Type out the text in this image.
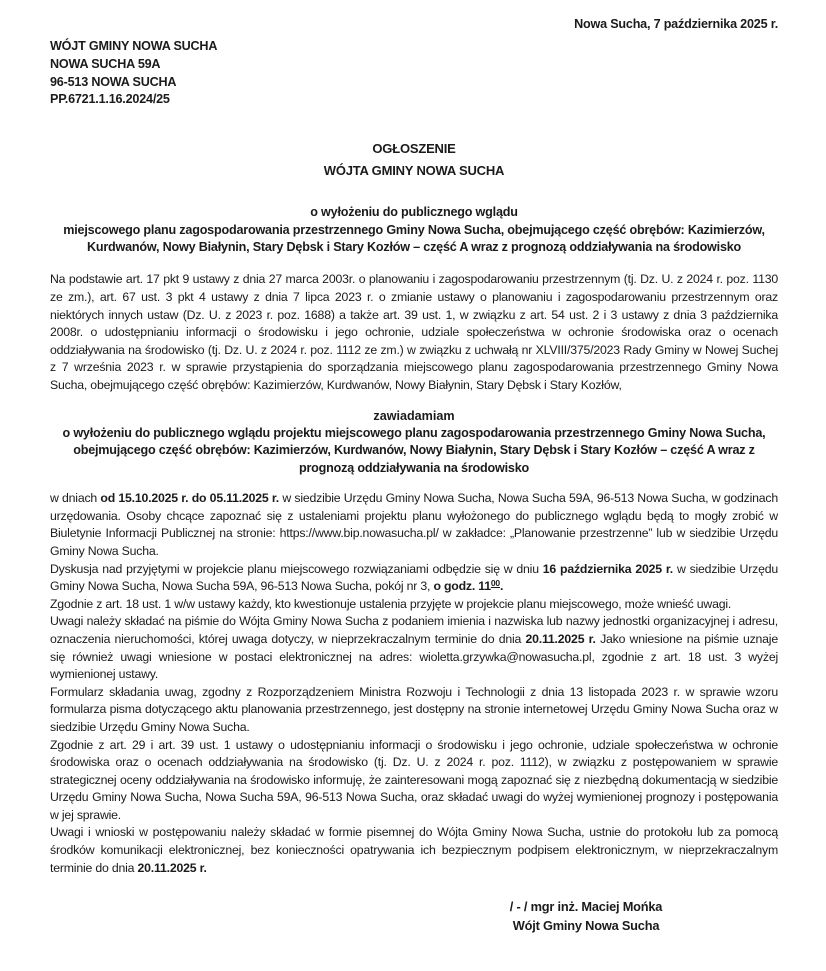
Nowa Sucha, 7 października 2025 r.
WÓJT GMINY NOWA SUCHA
NOWA SUCHA 59A
96-513 NOWA SUCHA
PP.6721.1.16.2024/25
OGŁOSZENIE
WÓJTA GMINY NOWA SUCHA
o wyłożeniu do publicznego wglądu
miejscowego planu zagospodarowania przestrzennego Gminy Nowa Sucha, obejmującego część obrębów: Kazimierzów, Kurdwanów, Nowy Białynin, Stary Dębsk i Stary Kozłów – część A wraz z prognozą oddziaływania na środowisko
Na podstawie art. 17 pkt 9 ustawy z dnia 27 marca 2003r. o planowaniu i zagospodarowaniu przestrzennym (tj. Dz. U. z 2024 r. poz. 1130 ze zm.), art. 67 ust. 3 pkt 4 ustawy z dnia 7 lipca 2023 r. o zmianie ustawy o planowaniu i zagospodarowaniu przestrzennym oraz niektórych innych ustaw (Dz. U. z 2023 r. poz. 1688) a także art. 39 ust. 1, w związku z art. 54 ust. 2 i 3 ustawy z dnia 3 października 2008r. o udostępnianiu informacji o środowisku i jego ochronie, udziale społeczeństwa w ochronie środowiska oraz o ocenach oddziaływania na środowisko (tj. Dz. U. z 2024 r. poz. 1112 ze zm.) w związku z uchwałą nr XLVIII/375/2023 Rady Gminy w Nowej Suchej z 7 września 2023 r. w sprawie przystąpienia do sporządzania miejscowego planu zagospodarowania przestrzennego Gminy Nowa Sucha, obejmującego część obrębów: Kazimierzów, Kurdwanów, Nowy Białynin, Stary Dębsk i Stary Kozłów,
zawiadamiam
o wyłożeniu do publicznego wglądu projektu miejscowego planu zagospodarowania przestrzennego Gminy Nowa Sucha, obejmującego część obrębów: Kazimierzów, Kurdwanów, Nowy Białynin, Stary Dębsk i Stary Kozłów – część A wraz z prognozą oddziaływania na środowisko

w dniach od 15.10.2025 r. do 05.11.2025 r. w siedzibie Urzędu Gminy Nowa Sucha, Nowa Sucha 59A, 96-513 Nowa Sucha, w godzinach urzędowania. Osoby chcące zapoznać się z ustaleniami projektu planu wyłożonego do publicznego wglądu będą to mogły zrobić w Biuletynie Informacji Publicznej na stronie: https://www.bip.nowasucha.pl/ w zakładce: „Planowanie przestrzenne” lub w siedzibie Urzędu Gminy Nowa Sucha.

Dyskusja nad przyjętymi w projekcie planu miejscowego rozwiązaniami odbędzie się w dniu 16 października 2025 r. w siedzibie Urzędu Gminy Nowa Sucha, Nowa Sucha 59A, 96-513 Nowa Sucha, pokój nr 3, o godz. $11^{00}$.

Zgodnie z art. 18 ust. 1 w/w ustawy każdy, kto kwestionuje ustalenia przyjęte w projekcie planu miejscowego, może wnieść uwagi.

Uwagi należy składać na piśmie do Wójta Gminy Nowa Sucha z podaniem imienia i nazwiska lub nazwy jednostki organizacyjnej i adresu, oznaczenia nieruchomości, której uwaga dotyczy, w nieprzekraczalnym terminie do dnia 20.11.2025 r. Jako wniesione na piśmie uznaje się również uwagi wniesione w postaci elektronicznej na adres: wioletta.grzywka@nowasucha.pl, zgodnie z art. 18 ust. 3 wyżej wymienionej ustawy.

Formularz składania uwag, zgodny z Rozporządzeniem Ministra Rozwoju i Technologii z dnia 13 listopada 2023 r. w sprawie wzoru formularza pisma dotyczącego aktu planowania przestrzennego, jest dostępny na stronie internetowej Urzędu Gminy Nowa Sucha oraz w siedzibie Urzędu Gminy Nowa Sucha.

Zgodnie z art. 29 i art. 39 ust. 1 ustawy o udostępnianiu informacji o środowisku i jego ochronie, udziale społeczeństwa w ochronie środowiska oraz o ocenach oddziaływania na środowisko (tj. Dz. U. z 2024 r. poz. 1112), w związku z postępowaniem w sprawie strategicznej oceny oddziaływania na środowisko informuję, że zainteresowani mogą zapoznać się z niezbędną dokumentacją w siedzibie Urzędu Gminy Nowa Sucha, Nowa Sucha 59A, 96-513 Nowa Sucha, oraz składać uwagi do wyżej wymienionej prognozy i postępowania w jej sprawie.

Uwagi i wnioski w postępowaniu należy składać w formie pisemnej do Wójta Gminy Nowa Sucha, ustnie do protokołu lub za pomocą środków komunikacji elektronicznej, bez konieczności opatrywania ich bezpiecznym podpisem elektronicznym, w nieprzekraczalnym terminie do dnia 20.11.2025 r.

/ - / mgr inż. Maciej Mońka
Wójt Gminy Nowa Sucha
